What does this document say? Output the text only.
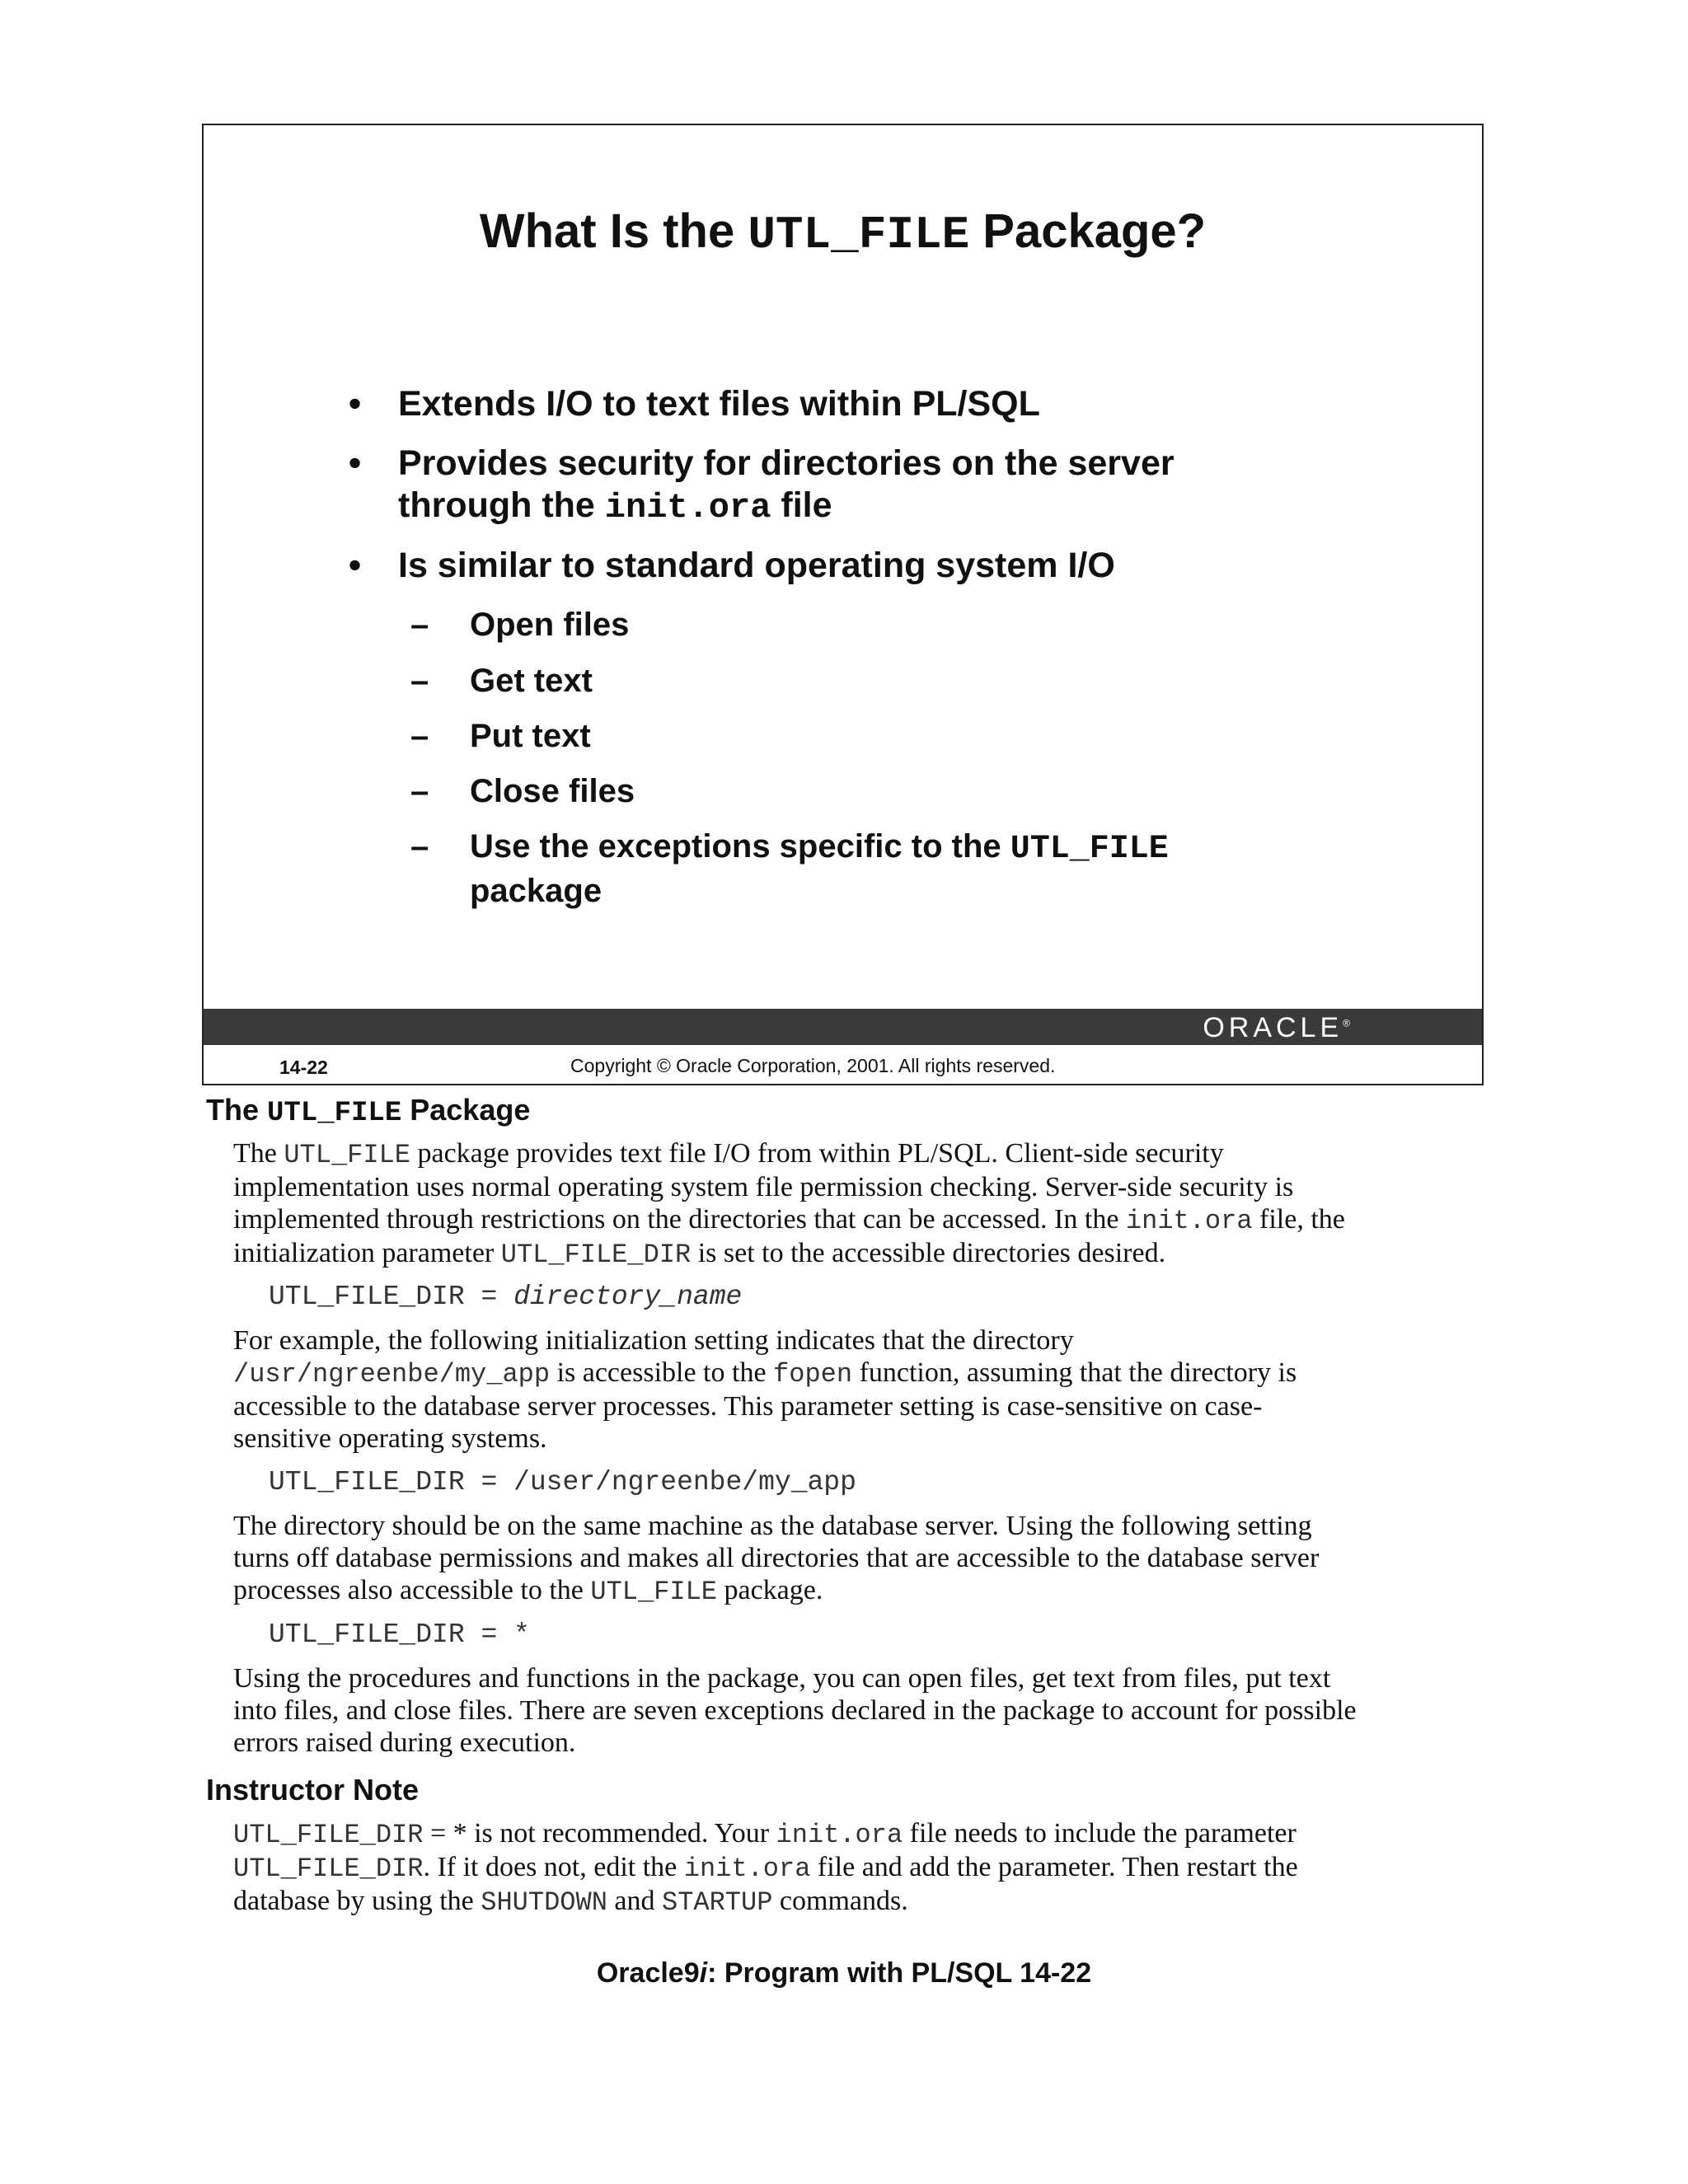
What Is the UTL_FILE Package?
• Extends I/O to text files within PL/SQL
• Provides security for directories on the server
through the init.ora file
• Is similar to standard operating system I/O
– Open files
– Get text
– Put text
– Close files
– Use the exceptions specific to the UTL_FILE
package
ORACLE®
14-22	Copyright © Oracle Corporation, 2001. All rights reserved.
The UTL_FILE Package
The UTL_FILE package provides text file I/O from within PL/SQL. Client-side security
implementation uses normal operating system file permission checking. Server-side security is
implemented through restrictions on the directories that can be accessed. In the init.ora file, the
initialization parameter UTL_FILE_DIR is set to the accessible directories desired.
UTL_FILE_DIR = directory_name
For example, the following initialization setting indicates that the directory
/usr/ngreenbe/my_app is accessible to the fopen function, assuming that the directory is
accessible to the database server processes. This parameter setting is case-sensitive on case-
sensitive operating systems.
UTL_FILE_DIR = /user/ngreenbe/my_app
The directory should be on the same machine as the database server. Using the following setting
turns off database permissions and makes all directories that are accessible to the database server
processes also accessible to the UTL_FILE package.
UTL_FILE_DIR = *
Using the procedures and functions in the package, you can open files, get text from files, put text
into files, and close files. There are seven exceptions declared in the package to account for possible
errors raised during execution.
Instructor Note
UTL_FILE_DIR = * is not recommended. Your init.ora file needs to include the parameter
UTL_FILE_DIR. If it does not, edit the init.ora file and add the parameter. Then restart the
database by using the SHUTDOWN and STARTUP commands.
Oracle9i: Program with PL/SQL 14-22
